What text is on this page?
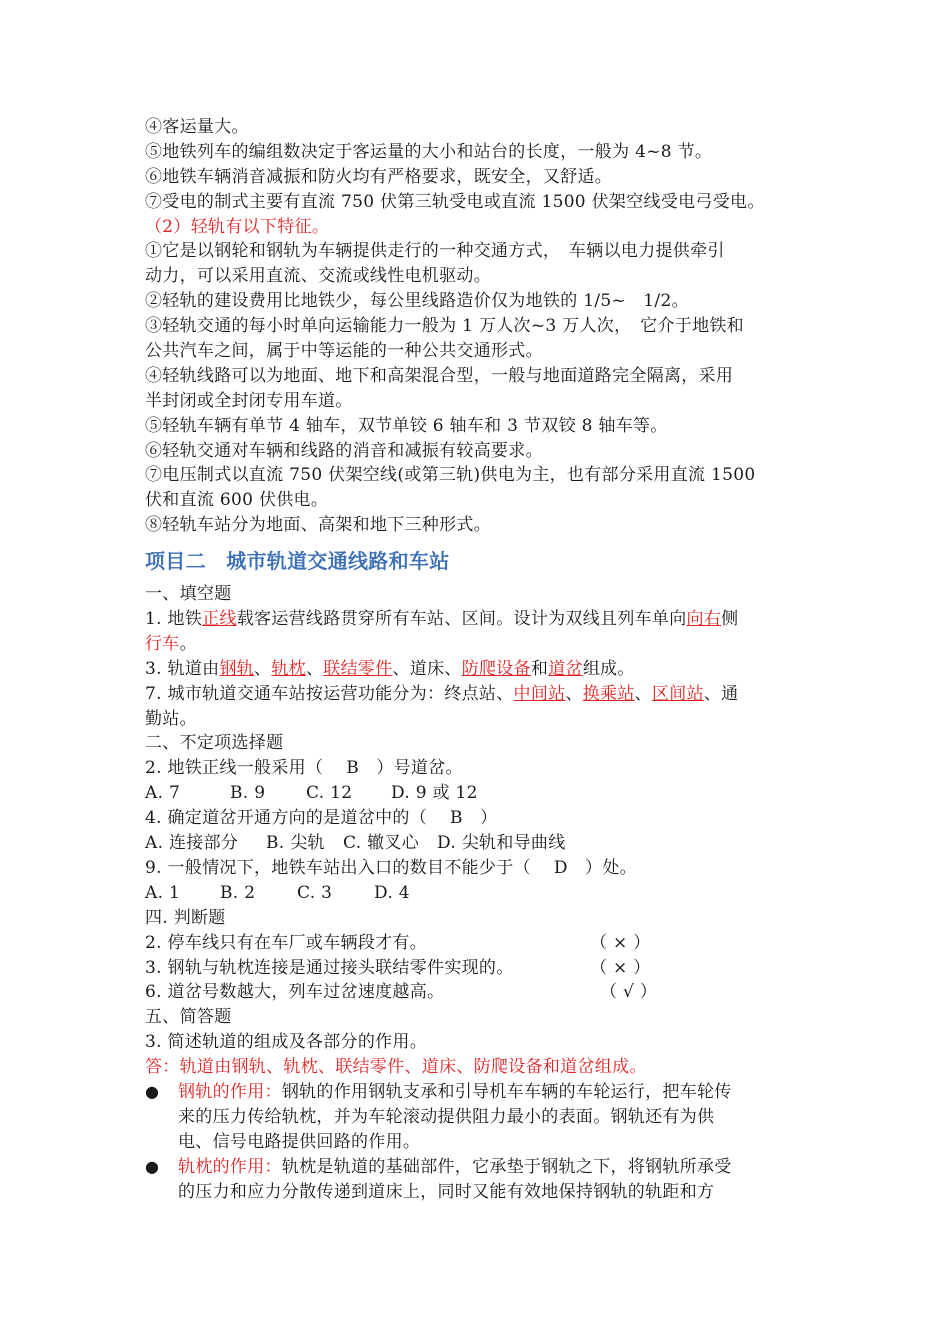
④客运量大。
⑤地铁列车的编组数决定于客运量的大小和站台的长度，一般为 4~8 节。
⑥地铁车辆消音减振和防火均有严格要求，既安全，又舒适。
⑦受电的制式主要有直流 750 伏第三轨受电或直流 1500 伏架空线受电弓受电。
（2）轻轨有以下特征。
①它是以钢轮和钢轨为车辆提供走行的一种交通方式，　车辆以电力提供牵引
动力，可以采用直流、交流或线性电机驱动。
②轻轨的建设费用比地铁少，每公里线路造价仅为地铁的 1/5~　1/2。
③轻轨交通的每小时单向运输能力一般为 1 万人次~3 万人次，　它介于地铁和
公共汽车之间，属于中等运能的一种公共交通形式。
④轻轨线路可以为地面、地下和高架混合型，一般与地面道路完全隔离，采用
半封闭或全封闭专用车道。
⑤轻轨车辆有单节 4 轴车，双节单铰 6 轴车和 3 节双铰 8 轴车等。
⑥轻轨交通对车辆和线路的消音和减振有较高要求。
⑦电压制式以直流 750 伏架空线(或第三轨)供电为主，也有部分采用直流 1500
伏和直流 600 伏供电。
⑧轻轨车站分为地面、高架和地下三种形式。
项目二　城市轨道交通线路和车站
一、填空题
1. 地铁正线载客运营线路贯穿所有车站、区间。设计为双线且列车单向向右侧
行车。
3. 轨道由钢轨、轨枕、联结零件、道床、防爬设备和道岔组成。
7. 城市轨道交通车站按运营功能分为：终点站、中间站、换乘站、区间站、通
勤站。
二、不定项选择题
2. 地铁正线一般采用（　 B　）号道岔。
A. 7	B. 9 C. 12 D. 9 或 12
4. 确定道岔开通方向的是道岔中的（　 B　）
A. 连接部分 B. 尖轨 C. 辙叉心 D. 尖轨和导曲线
9. 一般情况下，地铁车站出入口的数目不能少于（　 D　）处。
A. 1 B. 2 C. 3 D. 4
四. 判断题
2. 停车线只有在车厂或车辆段才有。	（ × ）
3. 钢轨与轨枕连接是通过接头联结零件实现的。	（ × ）
6. 道岔号数越大，列车过岔速度越高。	（ √ ）
五、简答题
3. 简述轨道的组成及各部分的作用。
答：轨道由钢轨、轨枕、联结零件、道床、防爬设备和道岔组成。
●	钢轨的作用：钢轨的作用钢轨支承和引导机车车辆的车轮运行，把车轮传
来的压力传给轨枕，并为车轮滚动提供阻力最小的表面。钢轨还有为供
电、信号电路提供回路的作用。
●	轨枕的作用：轨枕是轨道的基础部件，它承垫于钢轨之下，将钢轨所承受
的压力和应力分散传递到道床上，同时又能有效地保持钢轨的轨距和方
